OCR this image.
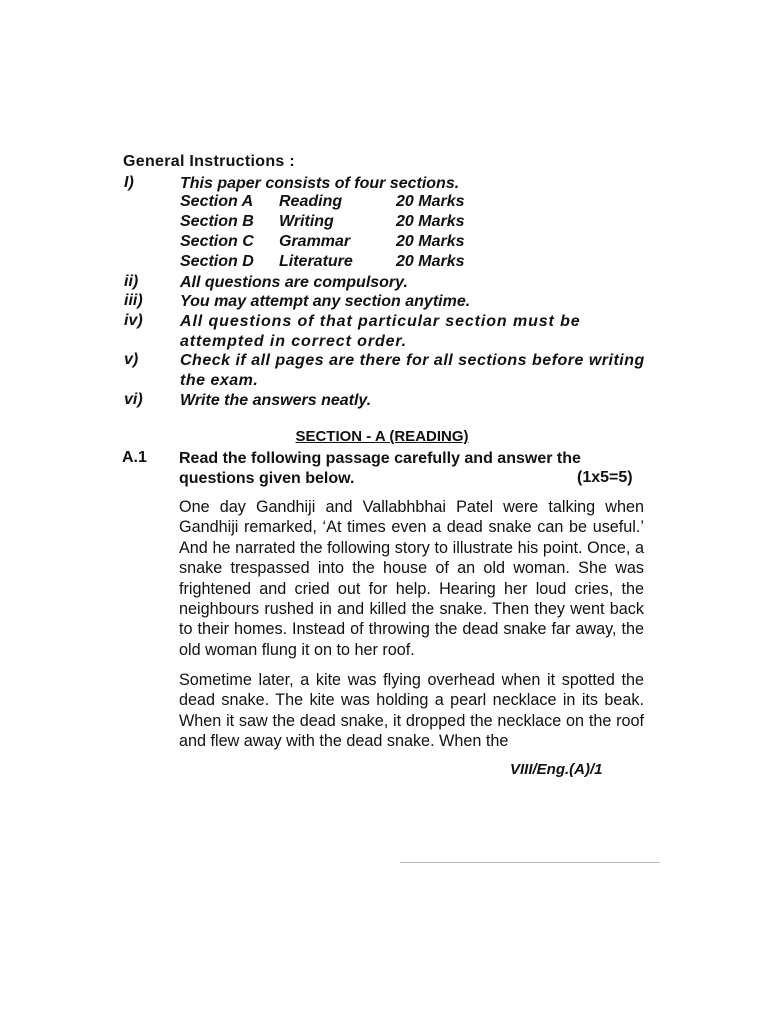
General Instructions :
I)	This paper consists of four sections.
Section A Reading	20 Marks
Section B Writing	20 Marks
Section C Grammar	20 Marks
Section D Literature	20 Marks
ii)	All questions are compulsory.
iii) You may attempt any section anytime.
iv) All questions of that particular section must be attempted in correct order.
v)	Check if all pages are there for all sections before writing the exam.
vi) Write the answers neatly.
SECTION - A (READING)
A.1 Read the following passage carefully and answer the questions given below.	(1x5=5)
One day Gandhiji and Vallabhbhai Patel were talking when Gandhiji remarked, ‘At times even a dead snake can be useful.’ And he narrated the following story to illustrate his point. Once, a snake trespassed into the house of an old woman. She was frightened and cried out for help. Hearing her loud cries, the neighbours rushed in and killed the snake. Then they went back to their homes. Instead of throwing the dead snake far away, the old woman flung it on to her roof.
Sometime later, a kite was flying overhead when it spotted the dead snake. The kite was holding a pearl necklace in its beak. When it saw the dead snake, it dropped the necklace on the roof and flew away with the dead snake. When the
VIII/Eng.(A)/1
